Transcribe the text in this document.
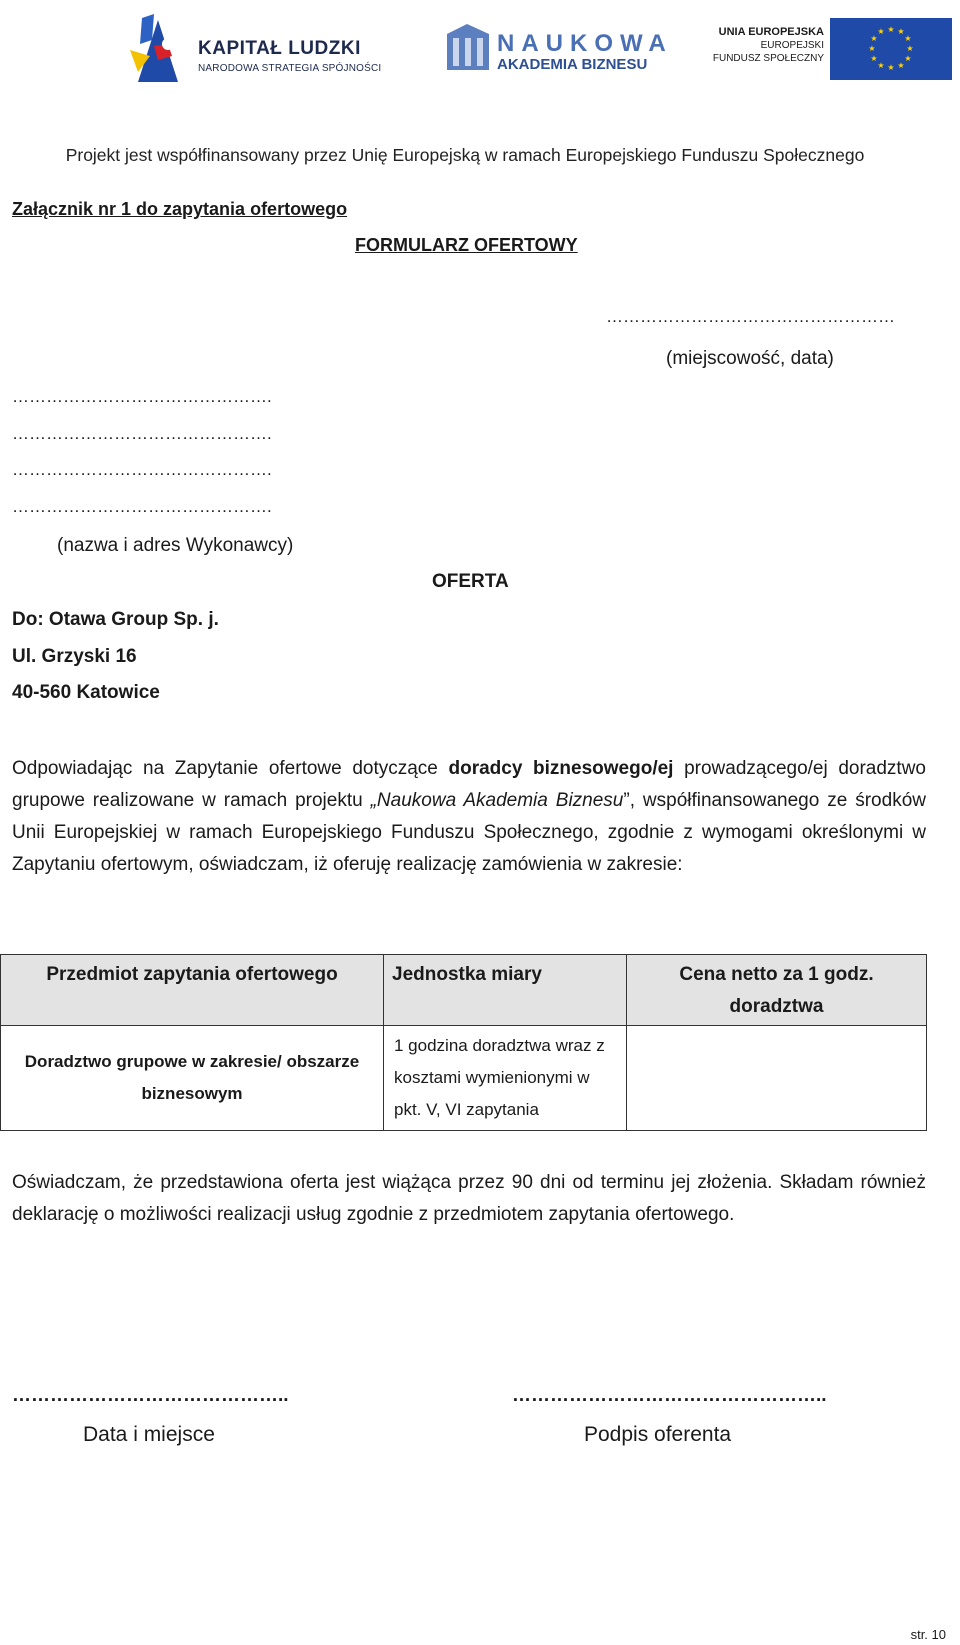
KAPITAŁ LUDZKI
NARODOWA STRATEGIA SPÓJNOŚCI
NAUKOWA
AKADEMIA BIZNESU
UNIA EUROPEJSKA
EUROPEJSKI
FUNDUSZ SPOŁECZNY
★ ★
★
★
★
★
★
★
★
★
★
★
Projekt jest współfinansowany przez Unię Europejską w ramach Europejskiego Funduszu Społecznego
Załącznik nr 1 do zapytania ofertowego
FORMULARZ OFERTOWY
……………………………………………
(miejscowość, data)
……………………………………….
……………………………………….
……………………………………….
……………………………………….
(nazwa i adres Wykonawcy)
OFERTA
Do: Otawa Group Sp. j.
Ul. Grzyski 16
40-560 Katowice
Odpowiadając na Zapytanie ofertowe dotyczące doradcy biznesowego/ej prowadzącego/ej doradztwo grupowe realizowane w ramach projektu „Naukowa Akademia Biznesu”, współfinansowanego ze środków Unii Europejskiej w ramach Europejskiego Funduszu Społecznego, zgodnie z wymogami określonymi w Zapytaniu ofertowym, oświadczam, iż oferuję realizację zamówienia w zakresie:
Przedmiot zapytania ofertowego	Jednostka miary	Cena netto za 1 godz. doradztwa
Doradztwo grupowe w zakresie/ obszarze biznesowym	1 godzina doradztwa wraz z kosztami wymienionymi w pkt. V, VI zapytania	
Oświadczam, że przedstawiona oferta jest wiążąca przez 90 dni od terminu jej złożenia. Składam również deklarację o możliwości realizacji usług zgodnie z przedmiotem zapytania ofertowego.
……………………………………..	…………………………………………..
Data i miejsce	Podpis oferenta
str. 10
